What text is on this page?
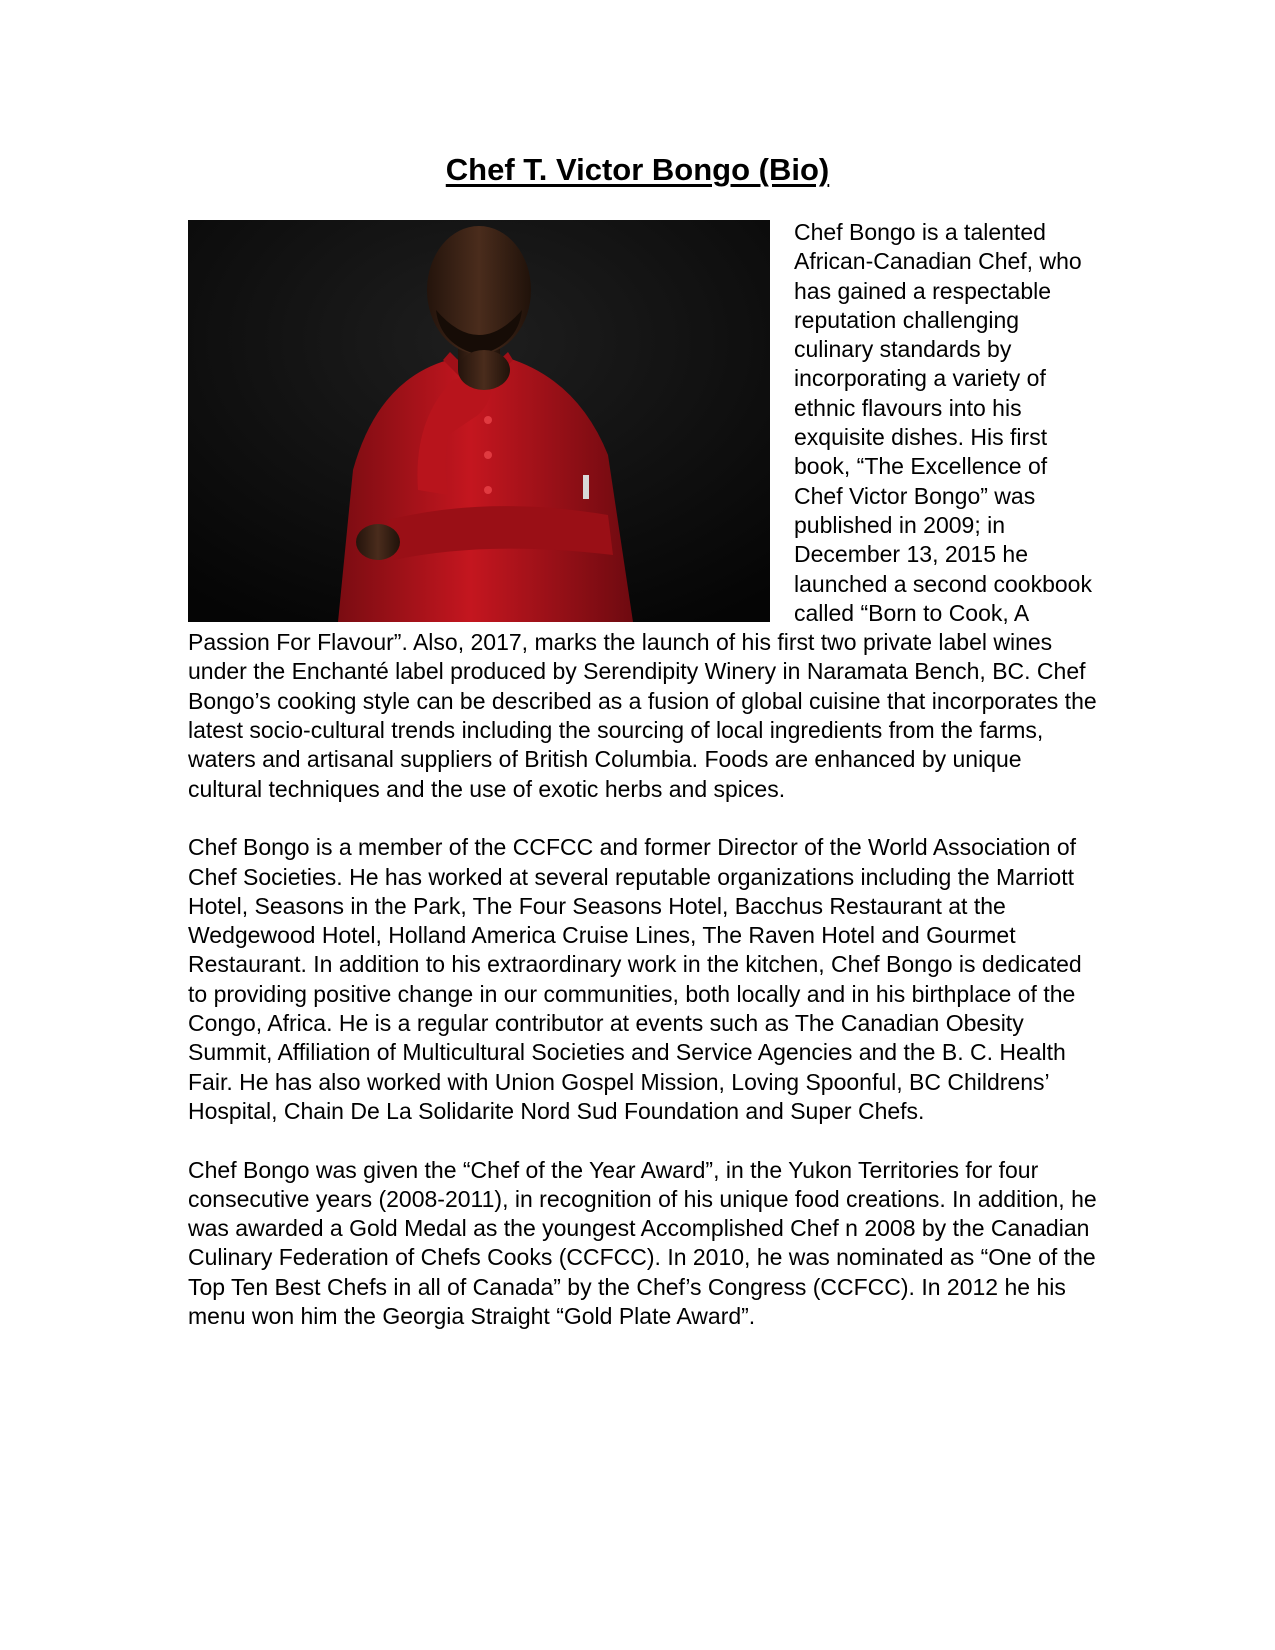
Chef T. Victor Bongo (Bio)

Chef Bongo is a talented African-Canadian Chef, who has gained a respectable reputation challenging culinary standards by incorporating a variety of ethnic flavours into his exquisite dishes. His first book, “The Excellence of Chef Victor Bongo” was published in 2009; in December 13, 2015 he launched a second cookbook called “Born to Cook, A Passion For Flavour”. Also, 2017, marks the launch of his first two private label wines under the Enchanté label produced by Serendipity Winery in Naramata Bench, BC. Chef Bongo’s cooking style can be described as a fusion of global cuisine that incorporates the latest socio-cultural trends including the sourcing of local ingredients from the farms, waters and artisanal suppliers of British Columbia. Foods are enhanced by unique cultural techniques and the use of exotic herbs and spices.

Chef Bongo is a member of the CCFCC and former Director of the World Association of Chef Societies. He has worked at several reputable organizations including the Marriott Hotel, Seasons in the Park, The Four Seasons Hotel, Bacchus Restaurant at the Wedgewood Hotel, Holland America Cruise Lines, The Raven Hotel and Gourmet Restaurant. In addition to his extraordinary work in the kitchen, Chef Bongo is dedicated to providing positive change in our communities, both locally and in his birthplace of the Congo, Africa. He is a regular contributor at events such as The Canadian Obesity Summit, Affiliation of Multicultural Societies and Service Agencies and the B. C. Health Fair. He has also worked with Union Gospel Mission, Loving Spoonful, BC Childrens’ Hospital, Chain De La Solidarite Nord Sud Foundation and Super Chefs.

Chef Bongo was given the “Chef of the Year Award”, in the Yukon Territories for four consecutive years (2008-2011), in recognition of his unique food creations. In addition, he was awarded a Gold Medal as the youngest Accomplished Chef n 2008 by the Canadian Culinary Federation of Chefs Cooks (CCFCC). In 2010, he was nominated as “One of the Top Ten Best Chefs in all of Canada” by the Chef’s Congress (CCFCC). In 2012 he his menu won him the Georgia Straight “Gold Plate Award”.
